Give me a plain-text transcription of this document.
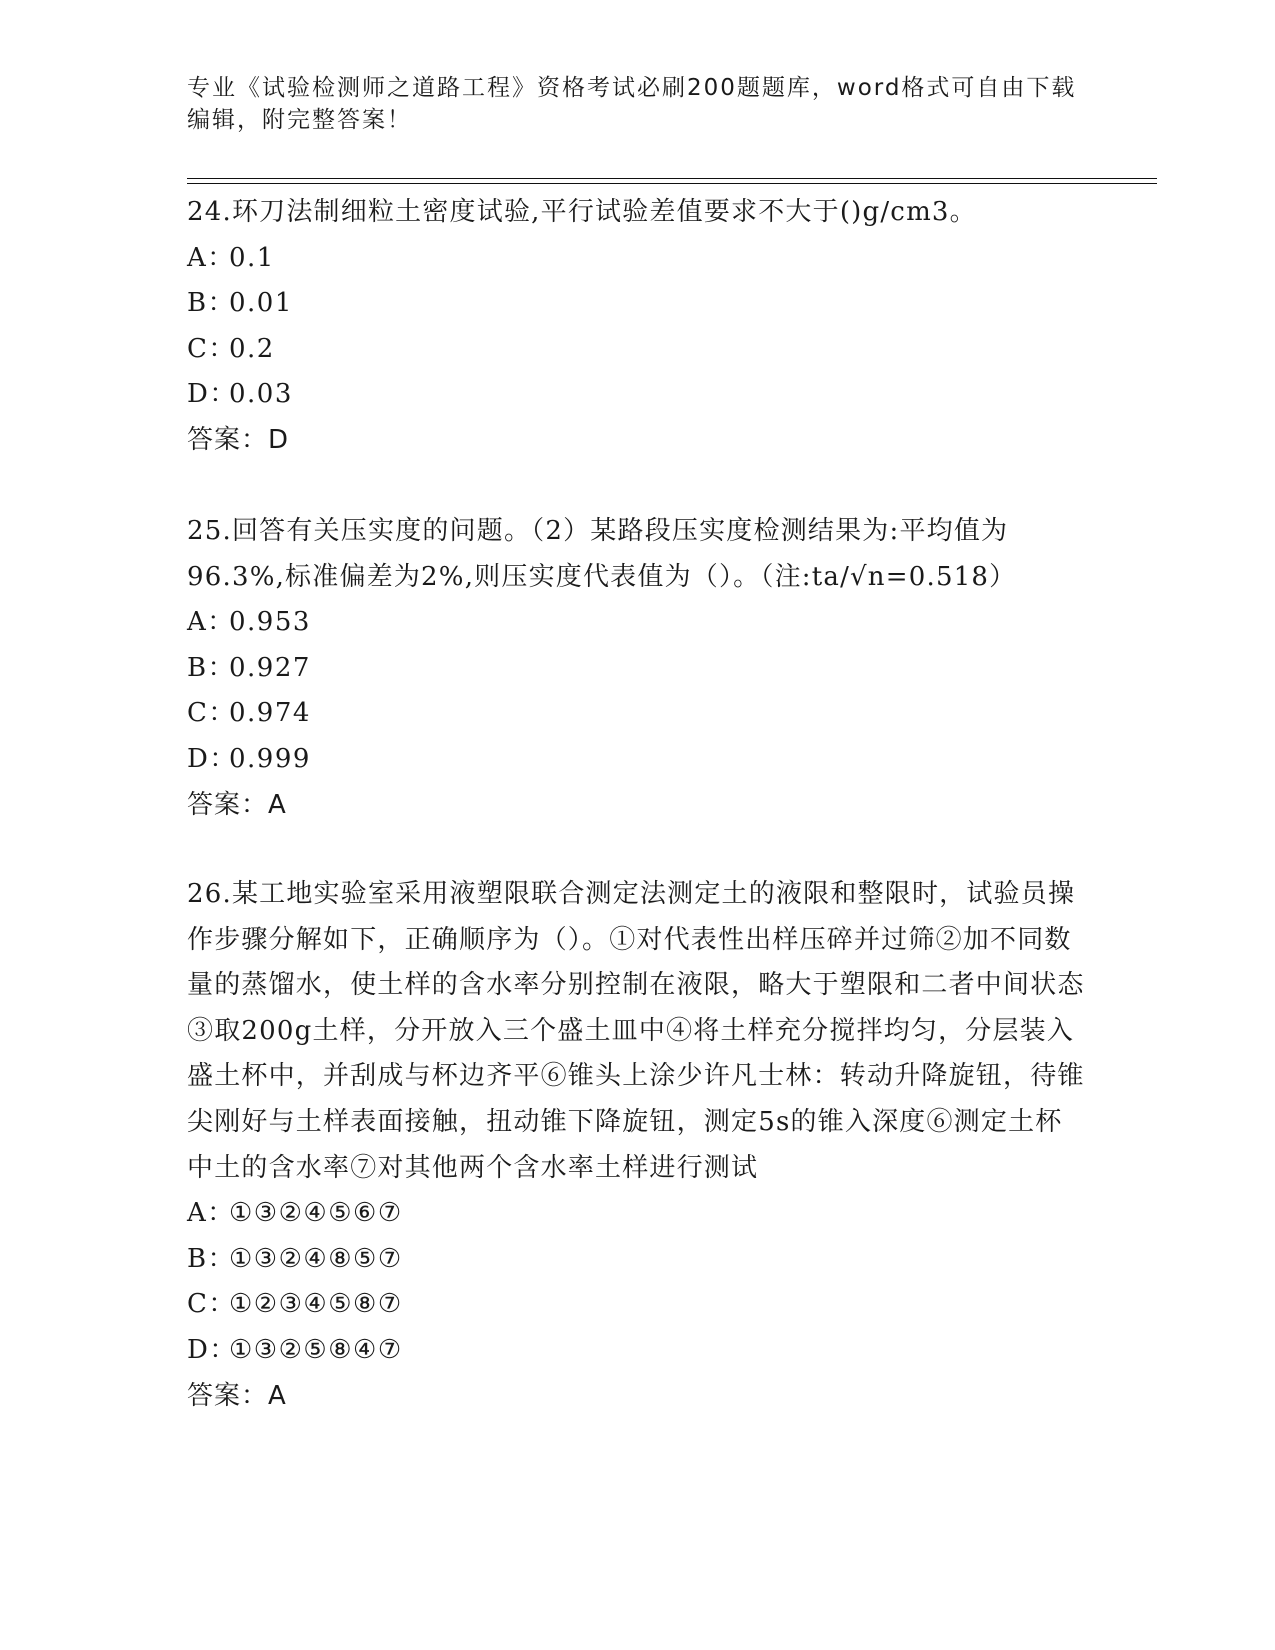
专业《试验检测师之道路工程》资格考试必刷200题题库，word格式可自由下载
编辑，附完整答案！

24.环刀法制细粒土密度试验,平行试验差值要求不大于()g/cm3。

A：0.1

B：0.01

C：0.2

D：0.03

答案：D

25.回答有关压实度的问题。（2）某路段压实度检测结果为:平均值为96.3%,标准偏差为2%,则压实度代表值为（）。（注:ta/√n=0.518）

A：0.953

B：0.927

C：0.974

D：0.999

答案：A

26.某工地实验室采用液塑限联合测定法测定土的液限和整限时，试验员操作步骤分解如下，正确顺序为（）。①对代表性出样压碎并过筛②加不同数量的蒸馏水，使土样的含水率分别控制在液限，略大于塑限和二者中间状态③取200g土样，分开放入三个盛土皿中④将土样充分搅拌均匀，分层装入盛土杯中，并刮成与杯边齐平⑥锥头上涂少许凡士林：转动升降旋钮，待锥尖刚好与土样表面接触，扭动锥下降旋钮，测定5s的锥入深度⑥测定土杯中土的含水率⑦对其他两个含水率土样进行测试

A：①③②④⑤⑥⑦

B：①③②④⑧⑤⑦

C：①②③④⑤⑧⑦

D：①③②⑤⑧④⑦

答案：A
